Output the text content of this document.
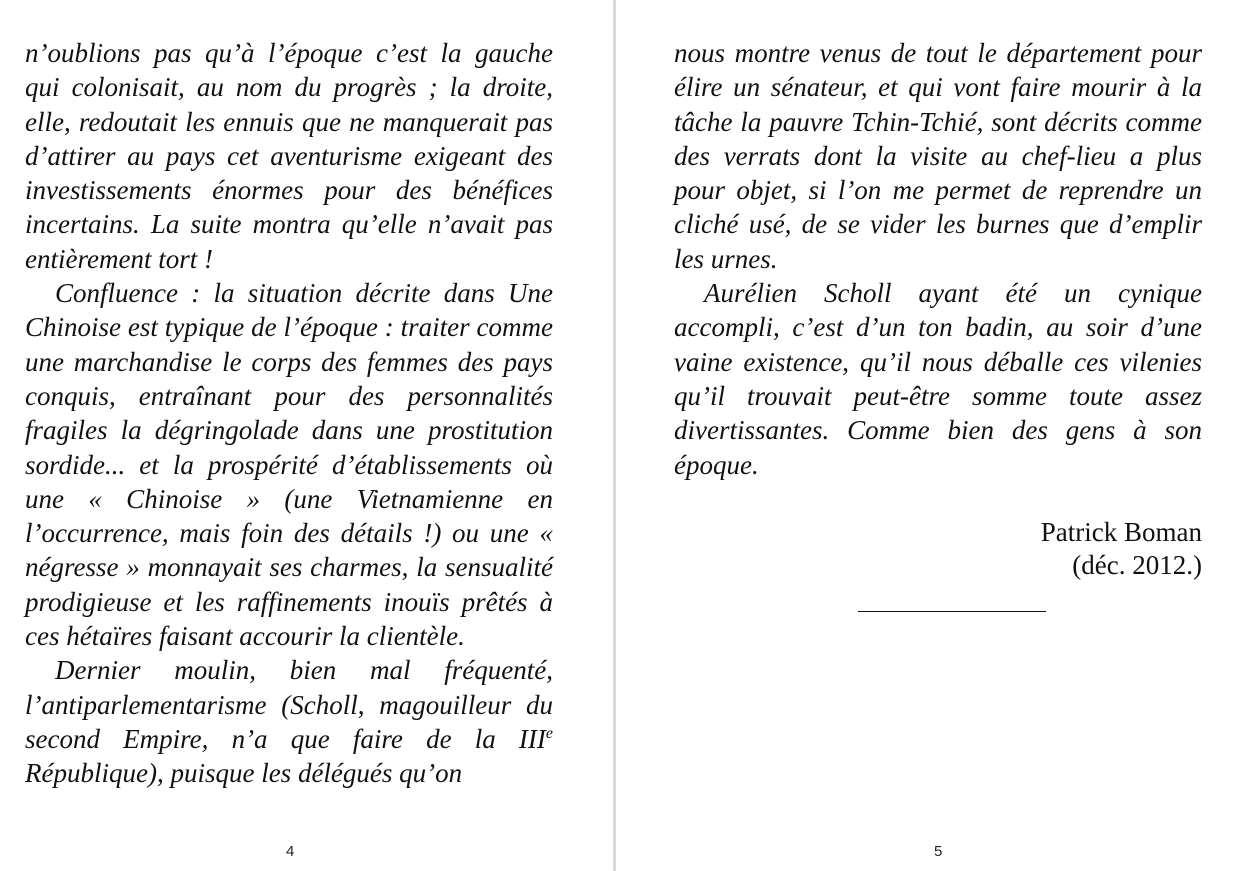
n’oublions pas qu’à l’époque c’est la gauche qui colonisait, au nom du progrès ; la droite, elle, redoutait les ennuis que ne manquerait pas d’attirer au pays cet aventurisme exigeant des investissements énormes pour des bénéfices incertains. La suite montra qu’elle n’avait pas entièrement tort !

Confluence : la situation décrite dans Une Chinoise est typique de l’époque : traiter comme une marchandise le corps des femmes des pays conquis, entraînant pour des personnalités fragiles la dégringolade dans une prostitution sordide... et la prospérité d’établissements où une « Chinoise » (une Vietnamienne en l’occurrence, mais foin des détails !) ou une « négresse » monnayait ses charmes, la sensualité prodigieuse et les raffinements inouïs prêtés à ces hétaïres faisant accourir la clientèle.

Dernier moulin, bien mal fréquenté, l’antiparlementarisme (Scholl, magouilleur du second Empire, n’a que faire de la IIIe République), puisque les délégués qu’on

4

nous montre venus de tout le département pour élire un sénateur, et qui vont faire mourir à la tâche la pauvre Tchin-Tchié, sont décrits comme des verrats dont la visite au chef-lieu a plus pour objet, si l’on me permet de reprendre un cliché usé, de se vider les burnes que d’emplir les urnes.

Aurélien Scholl ayant été un cynique accompli, c’est d’un ton badin, au soir d’une vaine existence, qu’il nous déballe ces vilenies qu’il trouvait peut-être somme toute assez divertissantes. Comme bien des gens à son époque.

Patrick Boman
(déc. 2012.)
5
